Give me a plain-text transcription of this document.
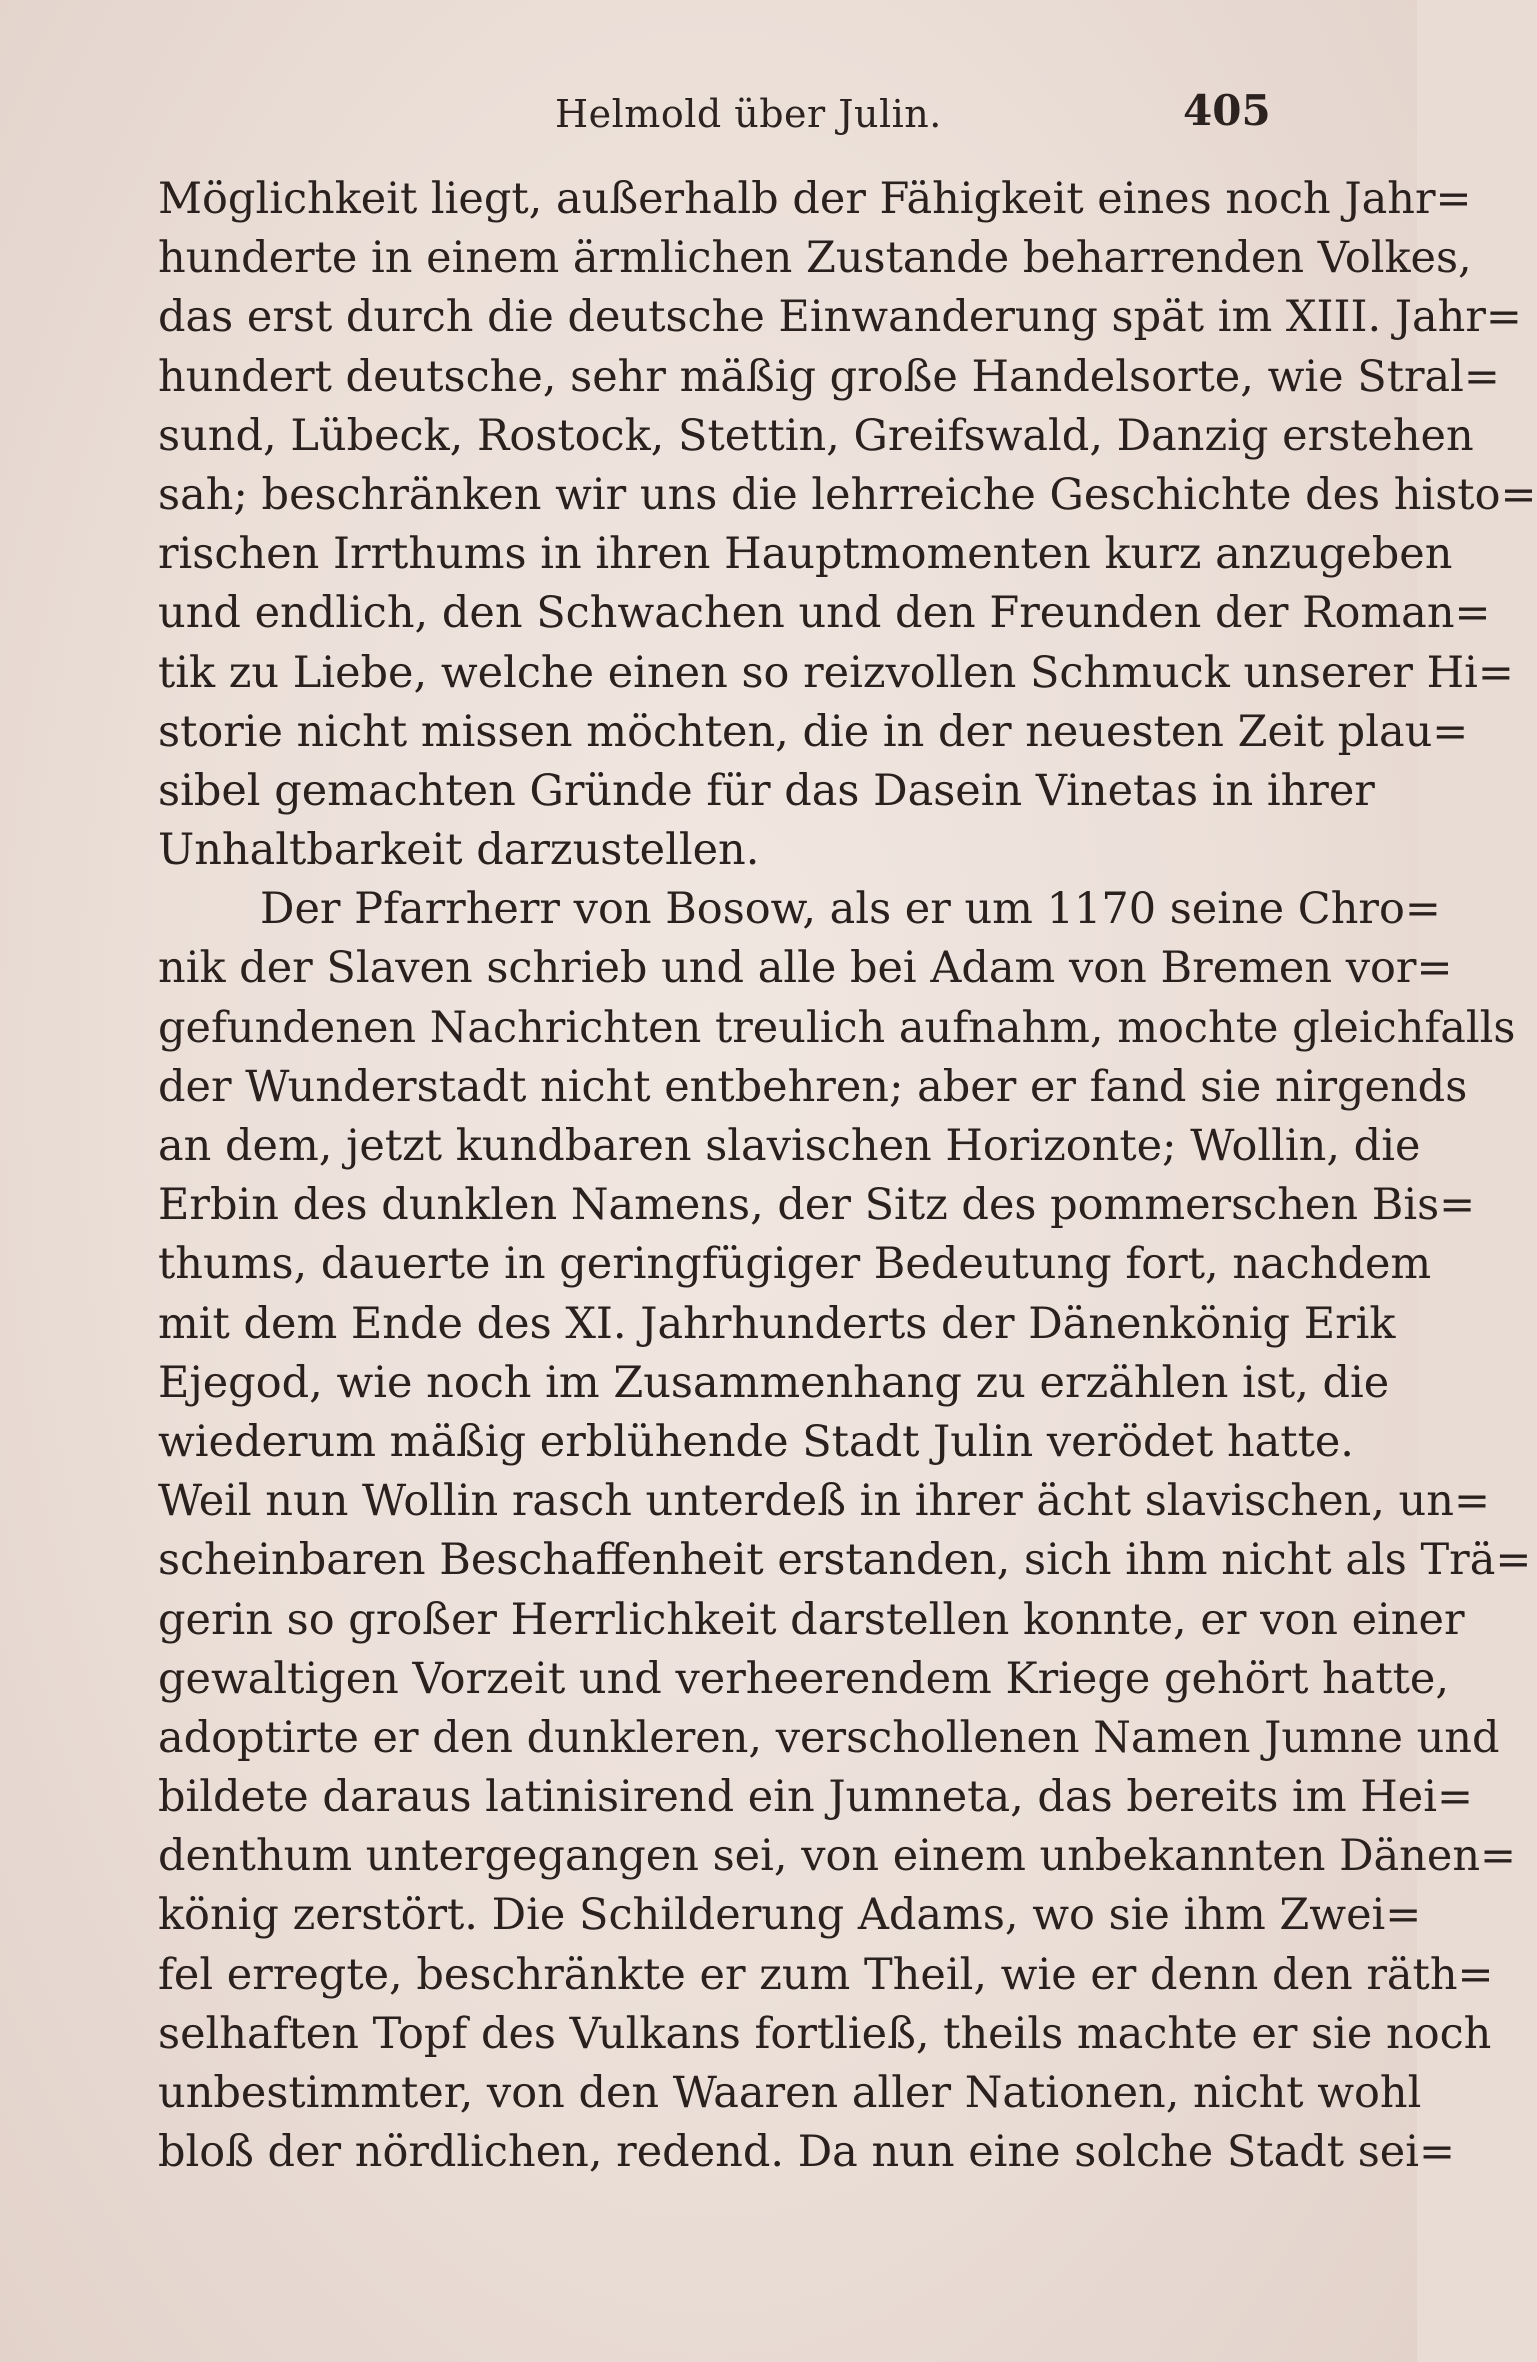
Helmold über Julin.	405
Möglichkeit liegt, außerhalb der Fähigkeit eines noch Jahr=
hunderte in einem ärmlichen Zustande beharrenden Volkes,
das erst durch die deutsche Einwanderung spät im XIII. Jahr=
hundert deutsche, sehr mäßig große Handelsorte, wie Stral=
sund, Lübeck, Rostock, Stettin, Greifswald, Danzig erstehen
sah; beschränken wir uns die lehrreiche Geschichte des histo=
rischen Irrthums in ihren Hauptmomenten kurz anzugeben
und endlich, den Schwachen und den Freunden der Roman=
tik zu Liebe, welche einen so reizvollen Schmuck unserer Hi=
storie nicht missen möchten, die in der neuesten Zeit plau=
sibel gemachten Gründe für das Dasein Vinetas in ihrer
Unhaltbarkeit darzustellen.
Der Pfarrherr von Bosow, als er um 1170 seine Chro=
nik der Slaven schrieb und alle bei Adam von Bremen vor=
gefundenen Nachrichten treulich aufnahm, mochte gleichfalls
der Wunderstadt nicht entbehren; aber er fand sie nirgends
an dem, jetzt kundbaren slavischen Horizonte; Wollin, die
Erbin des dunklen Namens, der Sitz des pommerschen Bis=
thums, dauerte in geringfügiger Bedeutung fort, nachdem
mit dem Ende des XI. Jahrhunderts der Dänenkönig Erik
Ejegod, wie noch im Zusammenhang zu erzählen ist, die
wiederum mäßig erblühende Stadt Julin verödet hatte.
Weil nun Wollin rasch unterdeß in ihrer ächt slavischen, un=
scheinbaren Beschaffenheit erstanden, sich ihm nicht als Trä=
gerin so großer Herrlichkeit darstellen konnte, er von einer
gewaltigen Vorzeit und verheerendem Kriege gehört hatte,
adoptirte er den dunkleren, verschollenen Namen Jumne und
bildete daraus latinisirend ein Jumneta, das bereits im Hei=
denthum untergegangen sei, von einem unbekannten Dänen=
könig zerstört. Die Schilderung Adams, wo sie ihm Zwei=
fel erregte, beschränkte er zum Theil, wie er denn den räth=
selhaften Topf des Vulkans fortließ, theils machte er sie noch
unbestimmter, von den Waaren aller Nationen, nicht wohl
bloß der nördlichen, redend. Da nun eine solche Stadt sei=
